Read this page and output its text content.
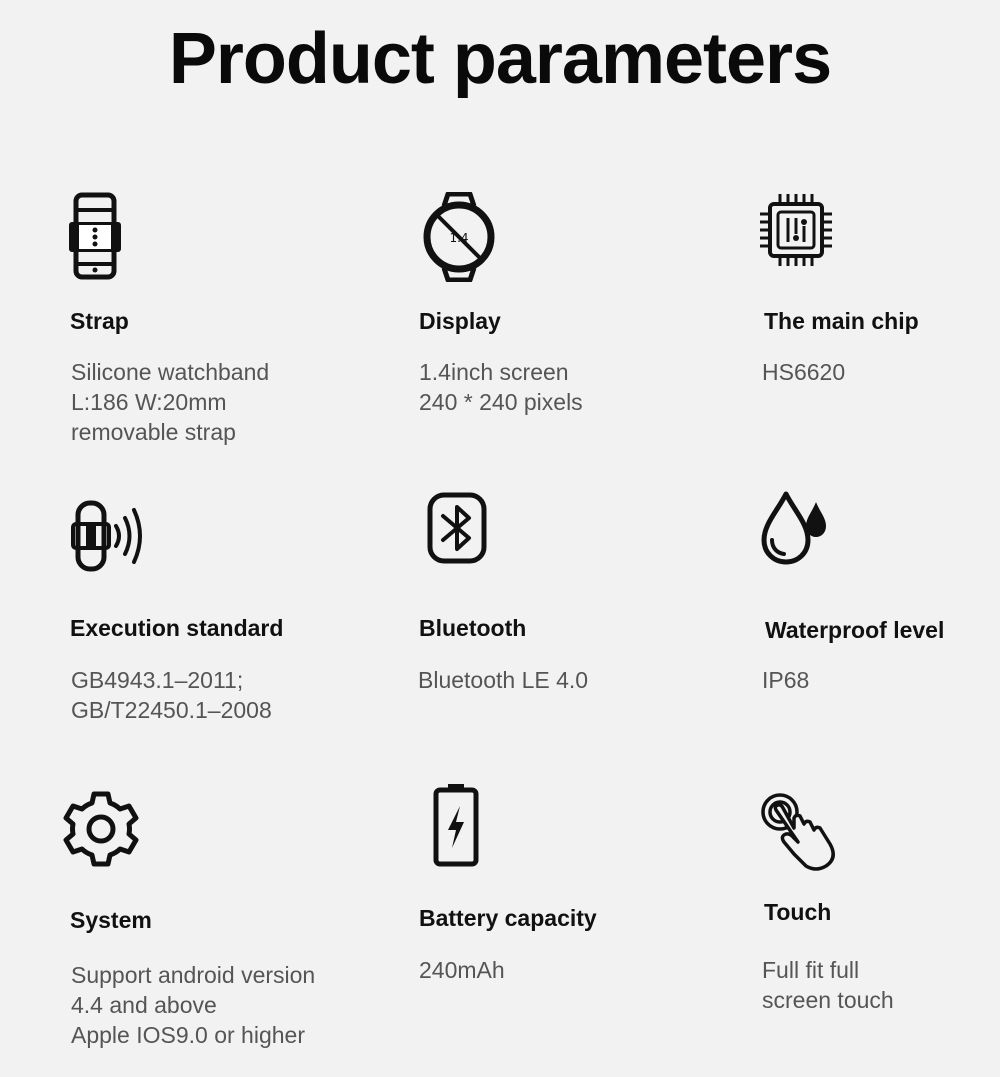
Product parameters
Strap
Silicone watchband
L:186 W:20mm
removable strap
1.4
Display
1.4inch screen
240 * 240 pixels
The main chip
HS6620
Execution standard
GB4943.1–2011;
GB/T22450.1–2008
Bluetooth
Bluetooth LE 4.0
Waterproof level
IP68
System
Support android version
4.4 and above
Apple IOS9.0 or higher
Battery capacity
240mAh
Touch
Full fit full
screen touch
